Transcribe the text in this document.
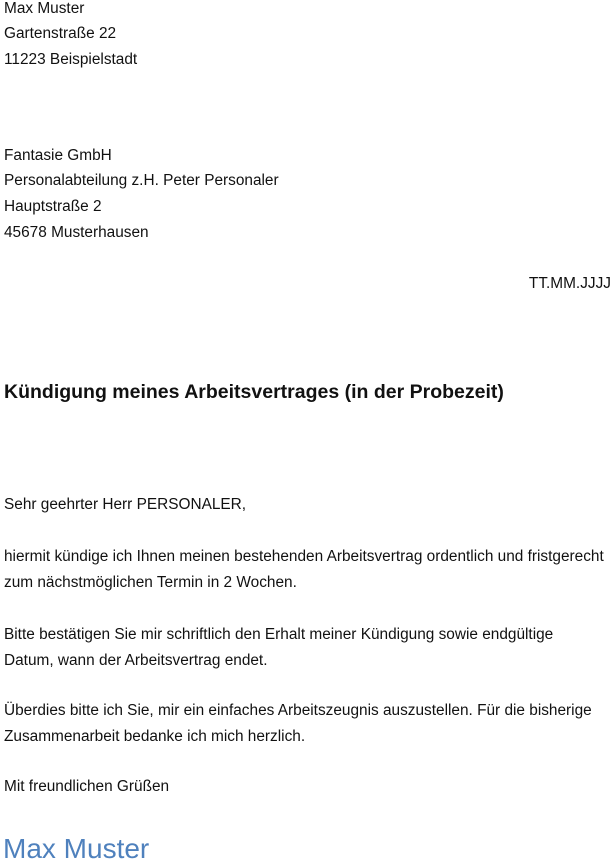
Max Muster

Gartenstraße 22

11223 Beispielstadt

Fantasie GmbH

Personalabteilung z.H. Peter Personaler

Hauptstraße 2

45678 Musterhausen

TT.MM.JJJJ

Kündigung meines Arbeitsvertrages (in der Probezeit)

Sehr geehrter Herr PERSONALER,

hiermit kündige ich Ihnen meinen bestehenden Arbeitsvertrag ordentlich und fristgerecht zum nächstmöglichen Termin in 2 Wochen.

Bitte bestätigen Sie mir schriftlich den Erhalt meiner Kündigung sowie endgültige Datum, wann der Arbeitsvertrag endet.

Überdies bitte ich Sie, mir ein einfaches Arbeitszeugnis auszustellen. Für die bisherige Zusammenarbeit bedanke ich mich herzlich.

Mit freundlichen Grüßen

Max Muster
